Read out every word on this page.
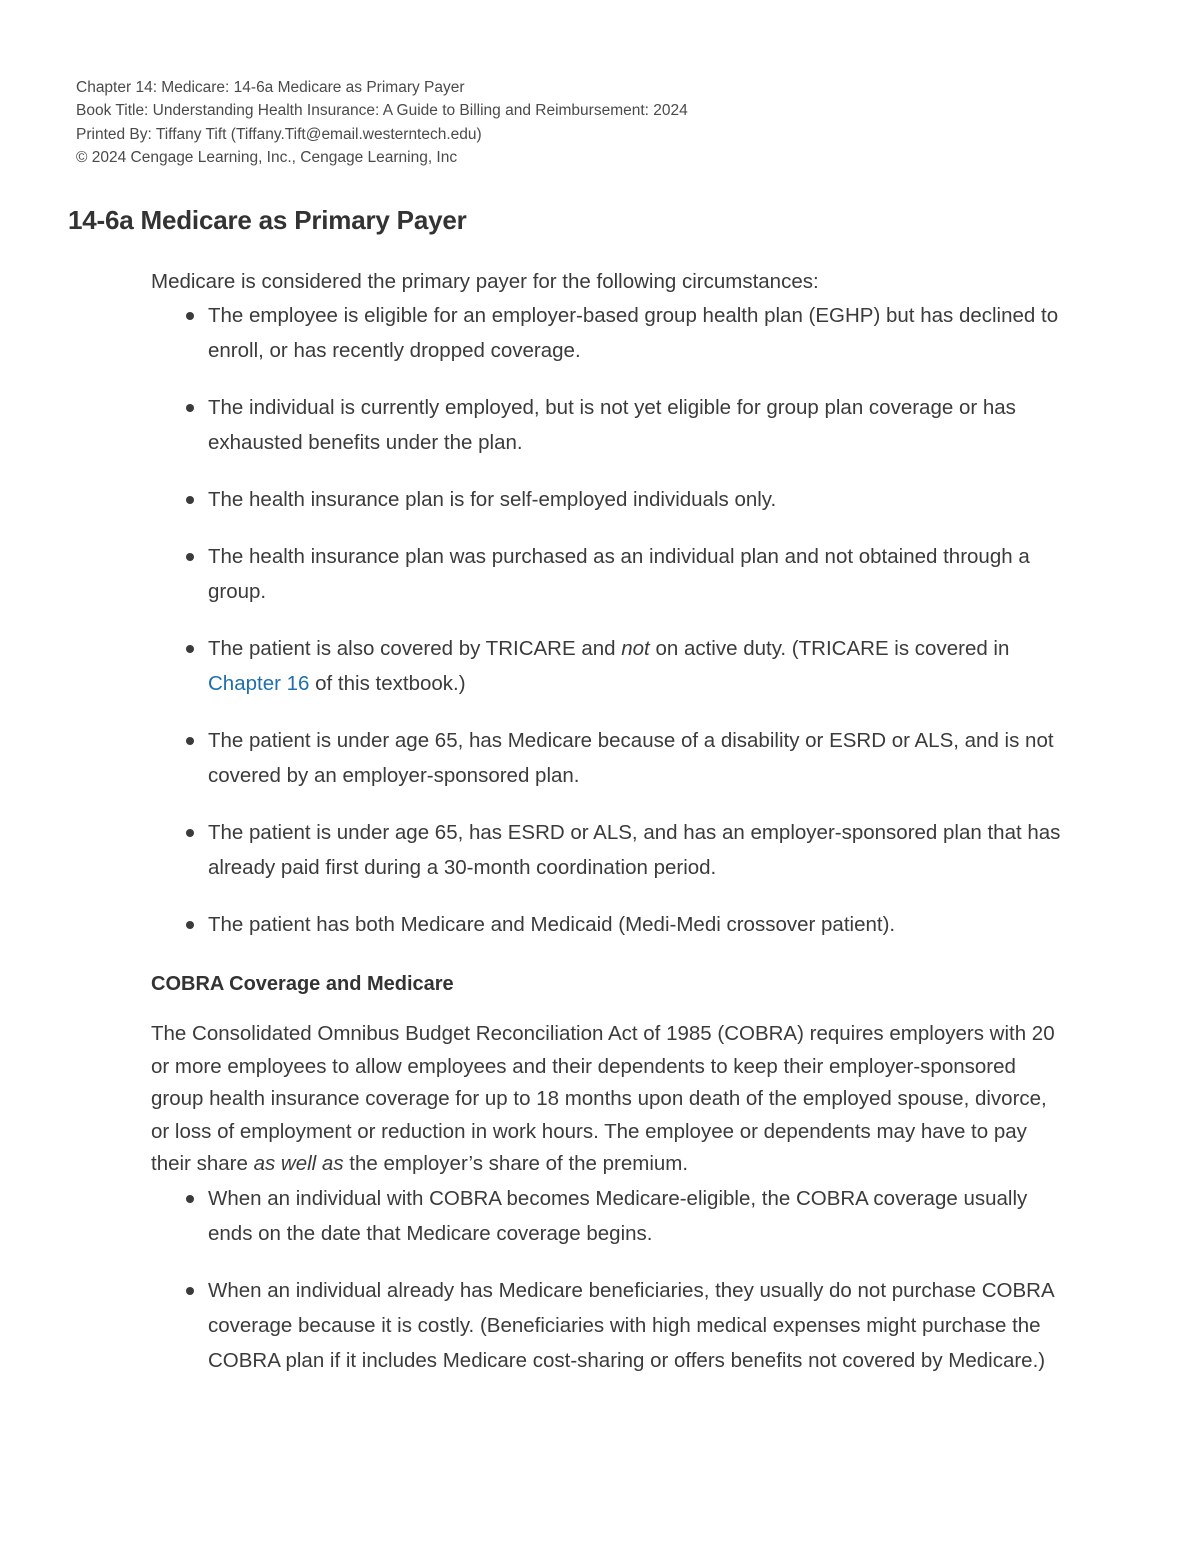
Chapter 14: Medicare: 14-6a Medicare as Primary Payer
Book Title: Understanding Health Insurance: A Guide to Billing and Reimbursement: 2024
Printed By: Tiffany Tift (Tiffany.Tift@email.westerntech.edu)
© 2024 Cengage Learning, Inc., Cengage Learning, Inc
14-6a Medicare as Primary Payer

Medicare is considered the primary payer for the following circumstances:

The employee is eligible for an employer-based group health plan (EGHP) but has declined to enroll, or has recently dropped coverage.
The individual is currently employed, but is not yet eligible for group plan coverage or has exhausted benefits under the plan.
The health insurance plan is for self-employed individuals only.
The health insurance plan was purchased as an individual plan and not obtained through a group.
The patient is also covered by TRICARE and not on active duty. (TRICARE is covered in Chapter 16 of this textbook.)
The patient is under age 65, has Medicare because of a disability or ESRD or ALS, and is not covered by an employer-sponsored plan.
The patient is under age 65, has ESRD or ALS, and has an employer-sponsored plan that has already paid first during a 30-month coordination period.
The patient has both Medicare and Medicaid (Medi-Medi crossover patient).

COBRA Coverage and Medicare

The Consolidated Omnibus Budget Reconciliation Act of 1985 (COBRA) requires employers with 20 or more employees to allow employees and their dependents to keep their employer-sponsored group health insurance coverage for up to 18 months upon death of the employed spouse, divorce, or loss of employment or reduction in work hours. The employee or dependents may have to pay their share as well as the employer’s share of the premium.

When an individual with COBRA becomes Medicare-eligible, the COBRA coverage usually ends on the date that Medicare coverage begins.
When an individual already has Medicare beneficiaries, they usually do not purchase COBRA coverage because it is costly. (Beneficiaries with high medical expenses might purchase the COBRA plan if it includes Medicare cost-sharing or offers benefits not covered by Medicare.)
